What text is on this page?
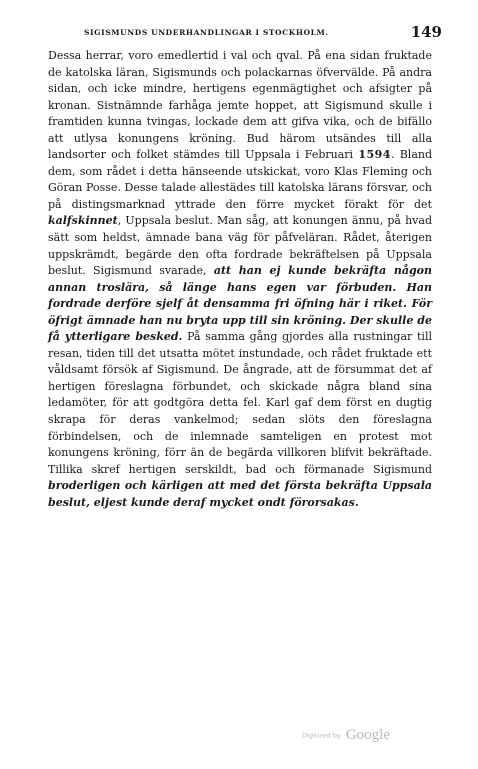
SIGISMUNDS UNDERHANDLINGAR I STOCKHOLM.	149

Dessa herrar, voro emedlertid i val och qval. På ena sidan fruktade de katolska läran, Sigismunds och polackarnas öfvervälde. På andra sidan, och icke mindre, hertigens egenmägtighet och afsigter på kronan. Sistnämnde farhåga jemte hoppet, att Sigismund skulle i framtiden kunna tvingas, lockade dem att gifva vika, och de bifällo att utlysa konungens kröning. Bud härom utsändes till alla landsorter och folket stämdes till Uppsala i Februari 1594. Bland dem, som rådet i detta hänseende utskickat, voro Klas Fleming och Göran Posse. Desse talade allestädes till katolska lärans försvar, och på distingsmarknad yttrade den förre mycket förakt för det kalfskinnet, Uppsala beslut. Man såg, att konungen ännu, på hvad sätt som heldst, ämnade bana väg för påfveläran. Rådet, återigen uppskrämdt, begärde den ofta fordrade bekräftelsen på Uppsala beslut. Sigismund svarade, att han ej kunde bekräfta någon annan troslära, så länge hans egen var förbuden. Han fordrade derföre sjelf åt densamma fri öfning här i riket. För öfrigt ämnade han nu bryta upp till sin kröning. Der skulle de få ytterligare besked. På samma gång gjordes alla rustningar till resan, tiden till det utsatta mötet instundade, och rådet fruktade ett våldsamt försök af Sigismund. De ångrade, att de försummat det af hertigen föreslagna förbundet, och skickade några bland sina ledamöter, för att godtgöra detta fel. Karl gaf dem först en dugtig skrapa för deras vankelmod; sedan slöts den föreslagna förbindelsen, och de inlemnade samteligen en protest mot konungens kröning, förr än de begärda villkoren blifvit bekräftade. Tillika skref hertigen serskildt, bad och förmanade Sigismund broderligen och kärligen att med det första bekräfta Uppsala beslut, eljest kunde deraf mycket ondt förorsakas.

Digitized by Google
